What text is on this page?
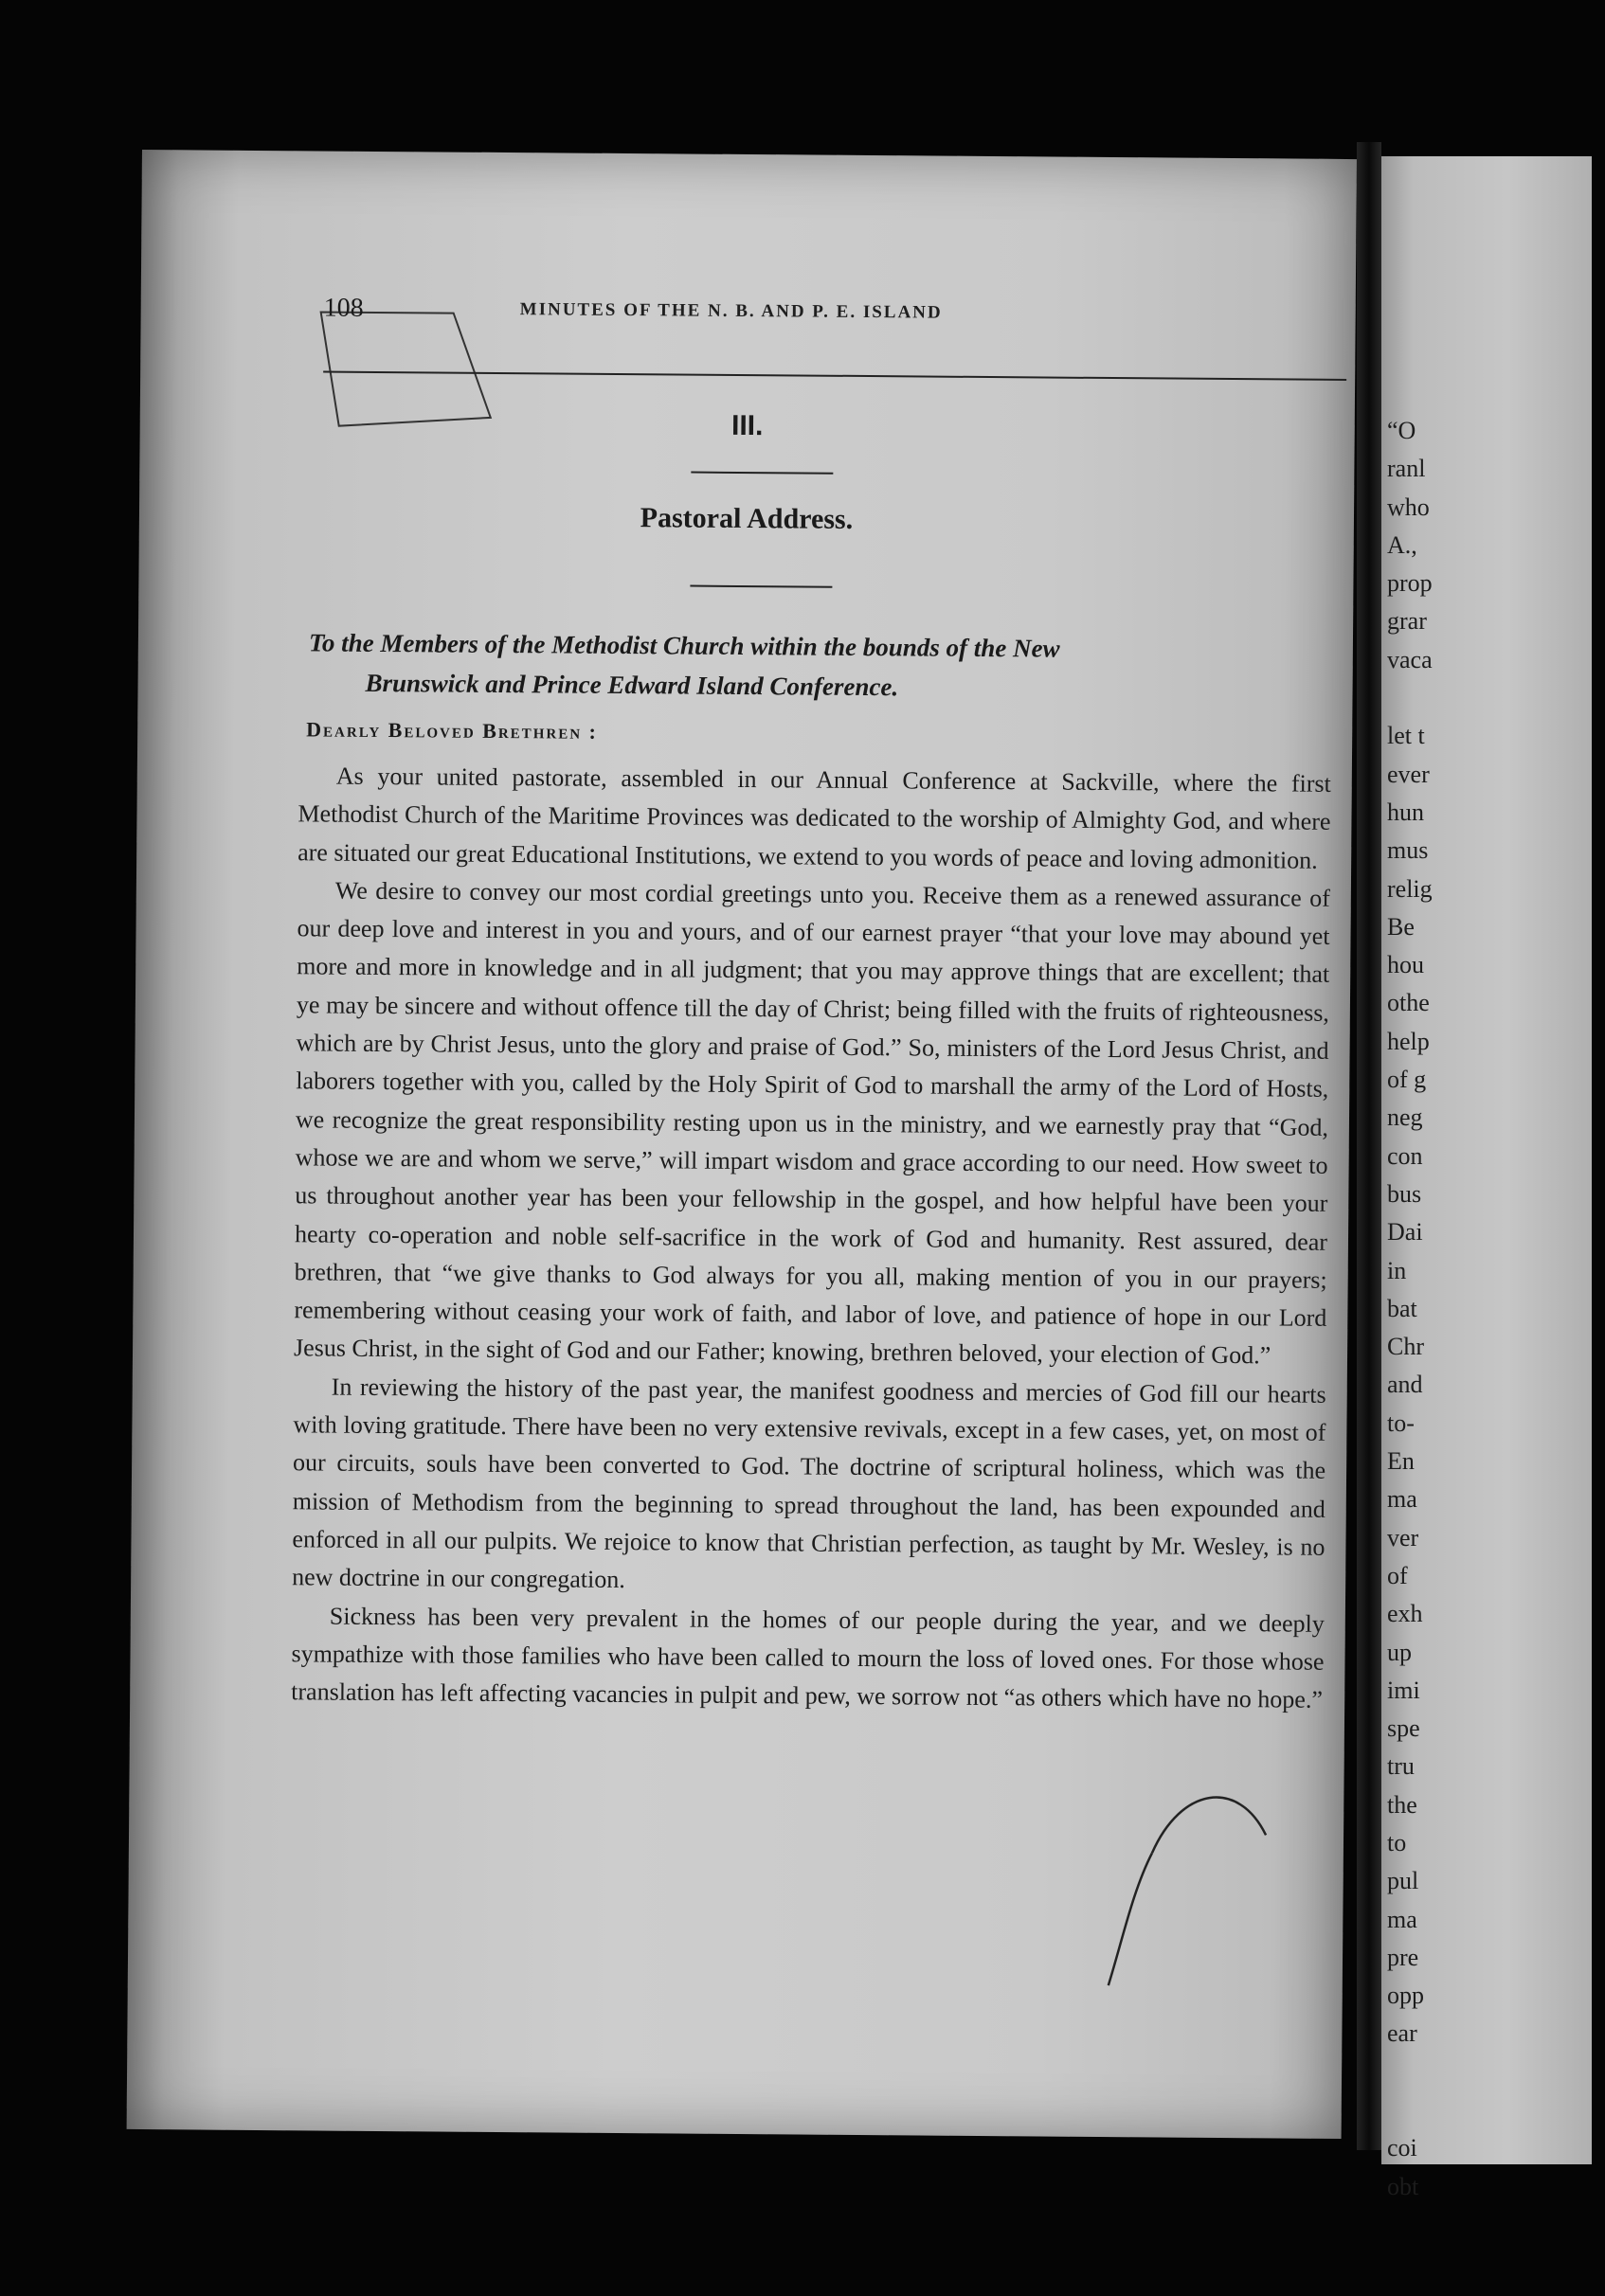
108	MINUTES OF THE N. B. AND P. E. ISLAND
III.
Pastoral Address.
To the Members of the Methodist Church within the bounds of the New
Brunswick and Prince Edward Island Conference.
Dearly Beloved Brethren :

As your united pastorate, assembled in our Annual Conference at Sackville, where the first Methodist Church of the Maritime Provinces was dedicated to the worship of Almighty God, and where are situated our great Educational Institutions, we extend to you words of peace and loving admonition.

We desire to convey our most cordial greetings unto you. Receive them as a renewed assurance of our deep love and interest in you and yours, and of our earnest prayer “that your love may abound yet more and more in knowledge and in all judgment; that you may approve things that are excellent; that ye may be sincere and without offence till the day of Christ; being filled with the fruits of righteousness, which are by Christ Jesus, unto the glory and praise of God.” So, ministers of the Lord Jesus Christ, and laborers together with you, called by the Holy Spirit of God to marshall the army of the Lord of Hosts, we recognize the great responsibility resting upon us in the ministry, and we earnestly pray that “God, whose we are and whom we serve,” will impart wisdom and grace according to our need. How sweet to us throughout another year has been your fellowship in the gospel, and how helpful have been your hearty co-operation and noble self-sacrifice in the work of God and humanity. Rest assured, dear brethren, that “we give thanks to God always for you all, making mention of you in our prayers; remembering without ceasing your work of faith, and labor of love, and patience of hope in our Lord Jesus Christ, in the sight of God and our Father; knowing, brethren beloved, your election of God.”

In reviewing the history of the past year, the manifest goodness and mercies of God fill our hearts with loving gratitude. There have been no very extensive revivals, except in a few cases, yet, on most of our circuits, souls have been converted to God. The doctrine of scriptural holiness, which was the mission of Methodism from the beginning to spread throughout the land, has been expounded and enforced in all our pulpits. We rejoice to know that Christian perfection, as taught by Mr. Wesley, is no new doctrine in our congregation.

Sickness has been very prevalent in the homes of our people during the year, and we deeply sympathize with those families who have been called to mourn the loss of loved ones. For those whose translation has left affecting vacancies in pulpit and pew, we sorrow not “as others which have no hope.”

“O
ranl
who
A.,
prop
grar
vaca

let t
ever
hun
mus
relig
Be
hou
othe
help
of g
neg
con
bus
Dai
in
bat
Chr
and
to-
En
ma
ver
of
exh
up
imi
spe
tru
the
to
pul
ma
pre
opp
ear

coi
obt
